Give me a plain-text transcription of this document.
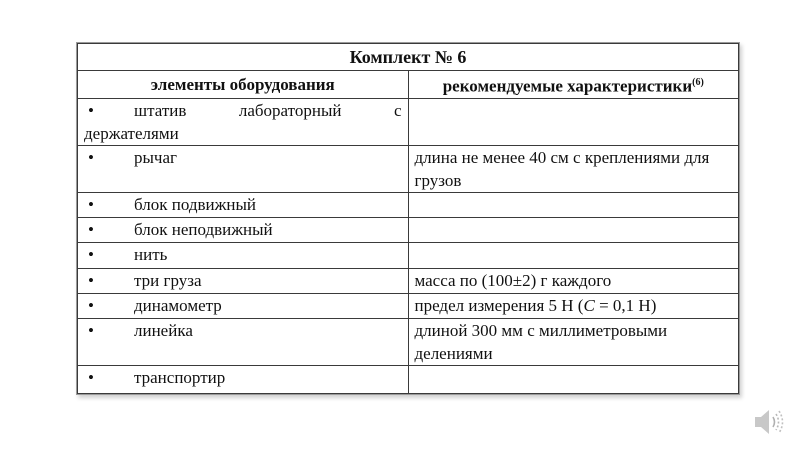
Комплект № 6	
элементы оборудования	рекомендуемые характеристики$^{(6)}$

• штатив лабораторный с
держателями	

• рычаг	длина не менее 40 см с креплениями для грузов

• блок подвижный	

• блок неподвижный	

• нить	

• три груза	масса по (100±2) г каждого

• динамометр	предел измерения 5 Н (С = 0,1 Н)

• линейка	длиной 300 мм с миллиметровыми делениями

• транспортир	
